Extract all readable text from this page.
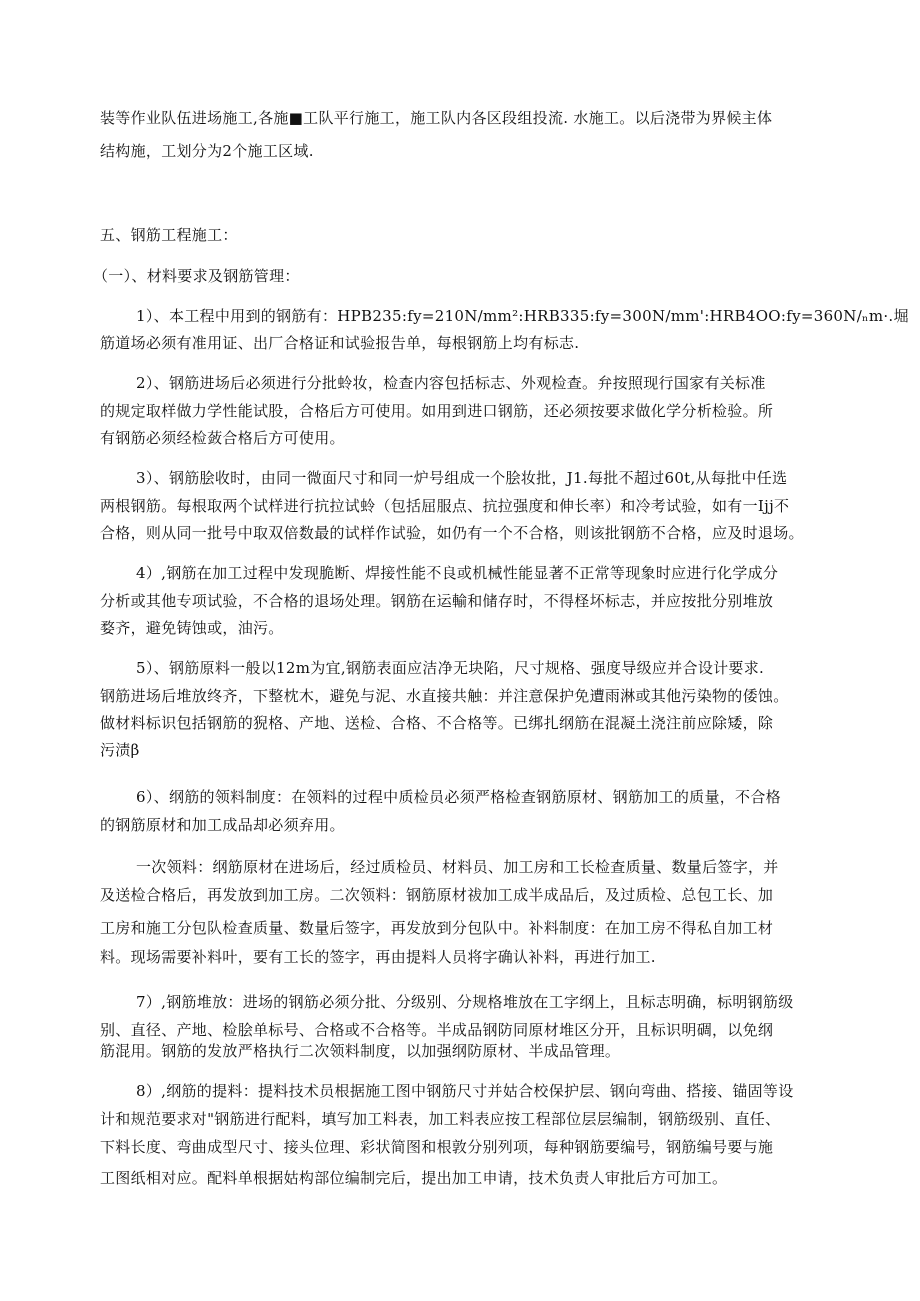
装等作业队伍进场施工,各施■工队平行施工，施工队内各区段组投流. 水施工。以后浇带为界候主体

结构施，工划分为2个施工区域.

五、钢筋工程施工：

（一）、材料要求及钢筋管理：

1）、本工程中用到的钢筋有：HPB235:fy=210N∕mm²:HRB335:fy=300N∕mm':HRB4OO:fy=360N∕ₙm·.堀

筋道场必须有准用证、出厂合格证和试验报告单，每根钢筋上均有标志.

2）、钢筋进场后必须进行分批蛉妆，检查内容包括标志、外观检查。弁按照现行国家有关标准

的规定取样做力学性能试股，合格后方可使用。如用到进口钢筋，还必须按要求做化学分析检验。所

有钢筋必须经检蔹合格后方可使用。

3）、钢筋脍收时，由同一微面尺寸和同一炉号组成一个脍妆批，J1.每批不超过60t,从每批中任选

两根钢筋。每根取两个试样进行抗拉试蛉（包括屈服点、抗拉强度和伸长率）和冷考试验，如有一Ijj不

合格，则从同一批号中取双倍数最的试样作试验，如仍有一个不合格，则该批钢筋不合格，应及时退场。

4）,钢筋在加工过程中发现脆断、焊接性能不良或机械性能显著不正常等现象时应进行化学成分

分析或其他专项试验，不合格的退场处理。钢筋在运輸和储存时，不得柽坏标志，并应按批分别堆放

婺齐，避免铸蚀或，油污。

5）、钢筋原料一般以12m为宜,钢筋表面应洁净无块陷，尺寸规格、强度导级应并合设计要求.

钢筋进场后堆放终齐，下整枕木，避免与泥、水直接共触：并注意保护免遭雨淋或其他污染物的倭蚀。

做材料标识包括钢筋的猊格、产地、送检、合格、不合格等。已绑扎纲筋在混凝土浇注前应除矮，除

污渍β

6）、纲筋的领料制度：在领料的过程中质检员必须严格检查钢筋原材、钢筋加工的质量，不合格

的钢筋原材和加工成品却必须弃用。

一次领料：纲筋原材在进场后，经过质检员、材料员、加工房和工长检查质量、数量后签字，并

及送检合格后，再发放到加工房。二次领料：钢筋原材祓加工成半成品后，及过质检、总包工长、加

工房和施工分包队检查质量、数量后签字，再发放到分包队中。补料制度：在加工房不得私自加工材

料。现场需要补料叶，要有工长的签字，再由提料人员将字确认补料，再进行加工.

7）,钢筋堆放：进场的钢筋必须分批、分级别、分规格堆放在工字纲上，且标志明确，标明钢筋级

别、直径、产地、检脍单标号、合格或不合格等。半成品钢防同原材堆区分开，且标识明碉，以免纲

筋混用。钢筋的发放严格执行二次领料制度，以加强纲防原材、半成品管理。

8）,纲筋的提料：提料技术员根据施工图中钢筋尺寸并姑合校保护层、钢向弯曲、搭接、锚固等设

计和规范要求对"钢筋进行配料，填写加工料表，加工料表应按工程部位层层编制，钢筋级别、直任、

下料长度、弯曲成型尺寸、接头位理、彩状简图和根敦分别列项，每种钢筋要编号，钢筋编号要与施

工图纸相对应。配料单根据姑构部位编制完后，提出加工申请，技术负责人审批后方可加工。
